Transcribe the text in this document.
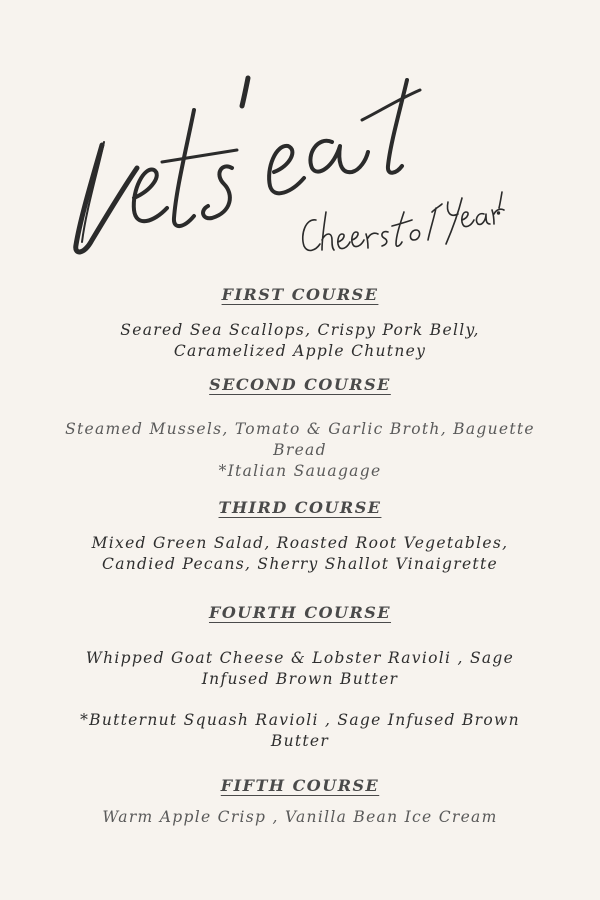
FIRST COURSE

Seared Sea Scallops, Crispy Pork Belly, Caramelized Apple Chutney

SECOND COURSE

Steamed Mussels, Tomato & Garlic Broth, Baguette Bread

*Italian Sauagage

THIRD COURSE

Mixed Green Salad, Roasted Root Vegetables, Candied Pecans, Sherry Shallot Vinaigrette

FOURTH COURSE

Whipped Goat Cheese & Lobster Ravioli , Sage Infused Brown Butter

*Butternut Squash Ravioli , Sage Infused Brown Butter

FIFTH COURSE

Warm Apple Crisp , Vanilla Bean Ice Cream
